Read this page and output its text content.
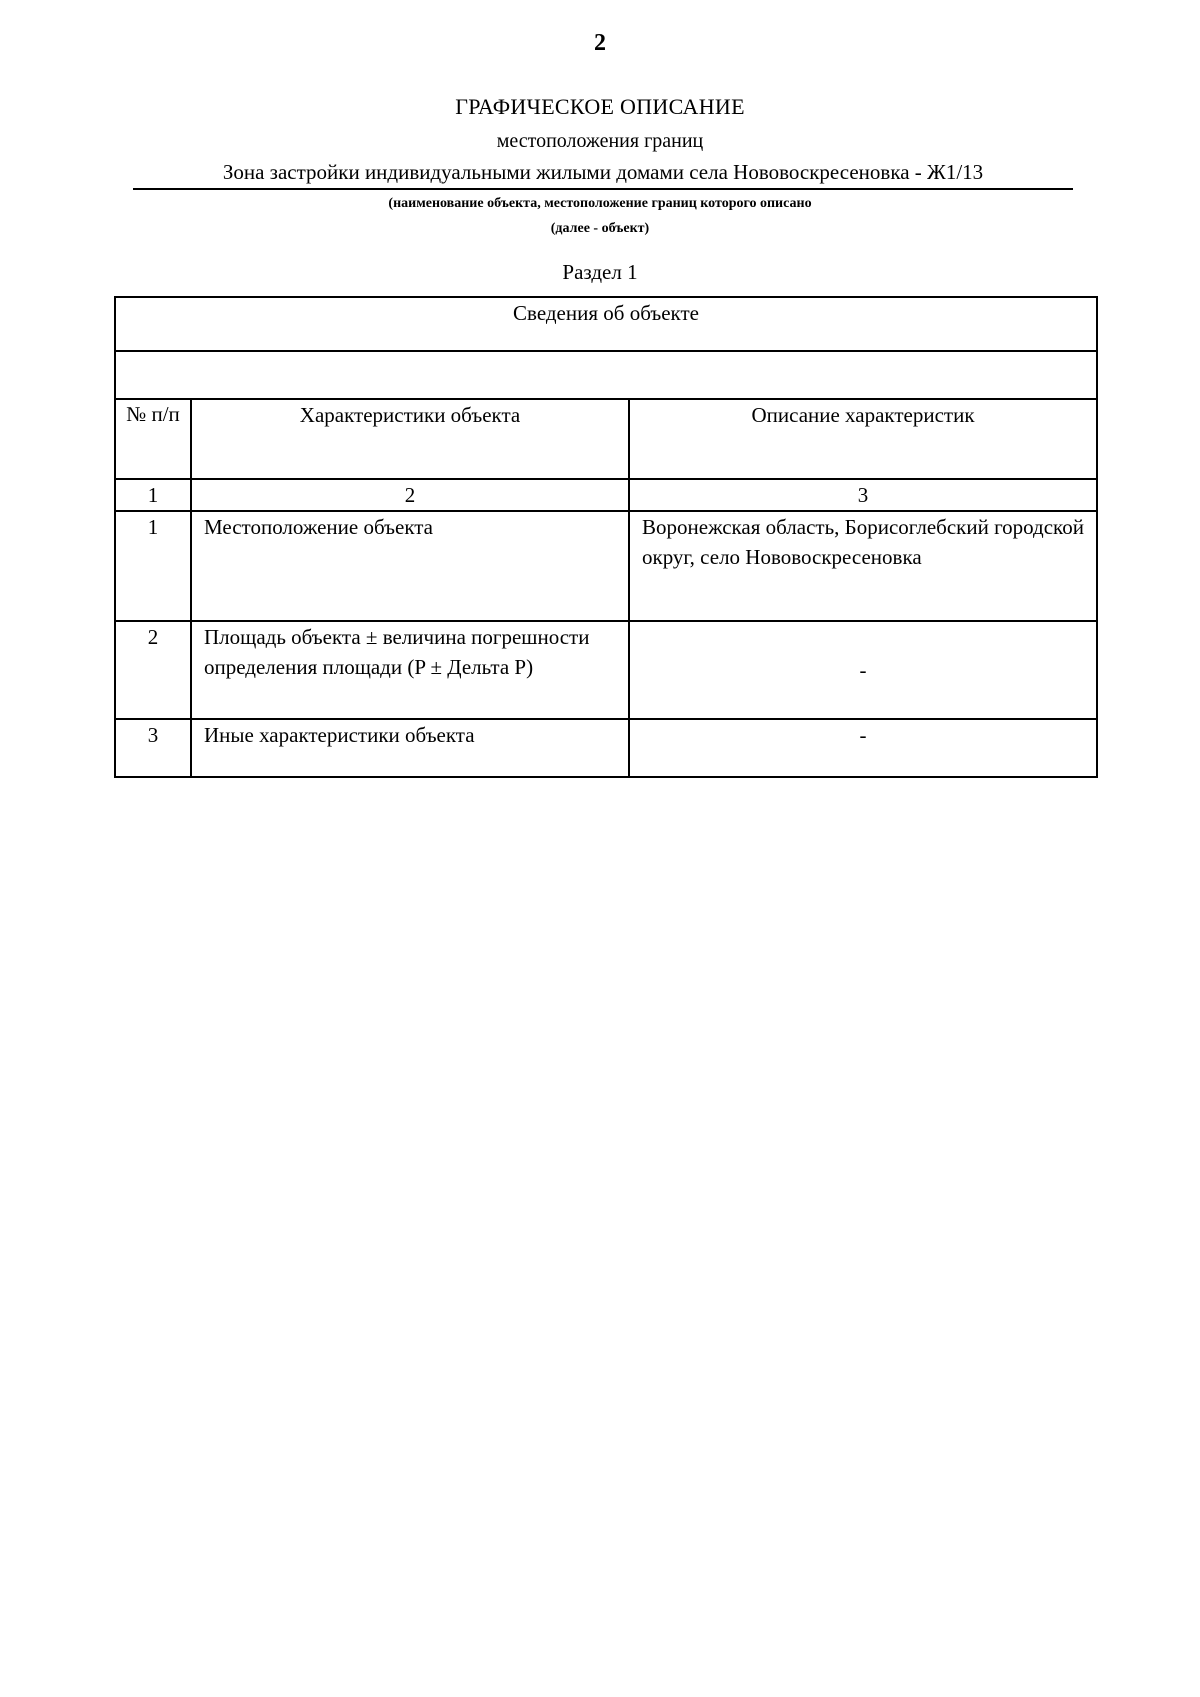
2
ГРАФИЧЕСКОЕ ОПИСАНИЕ
местоположения границ
Зона застройки индивидуальными жилыми домами села Нововоскресеновка - Ж1/13
(наименование объекта, местоположение границ которого описано
(далее - объект)
Раздел 1
Сведения об объекте		

№ п/п	Характеристики объекта	Описание характеристик
1	2	3
1	Местоположение объекта	Воронежская область, Борисоглебский городской округ, село Нововоскресеновка
2	Площадь объекта ± величина погрешности определения площади (P ± Дельта P)	-
3	Иные характеристики объекта	-
